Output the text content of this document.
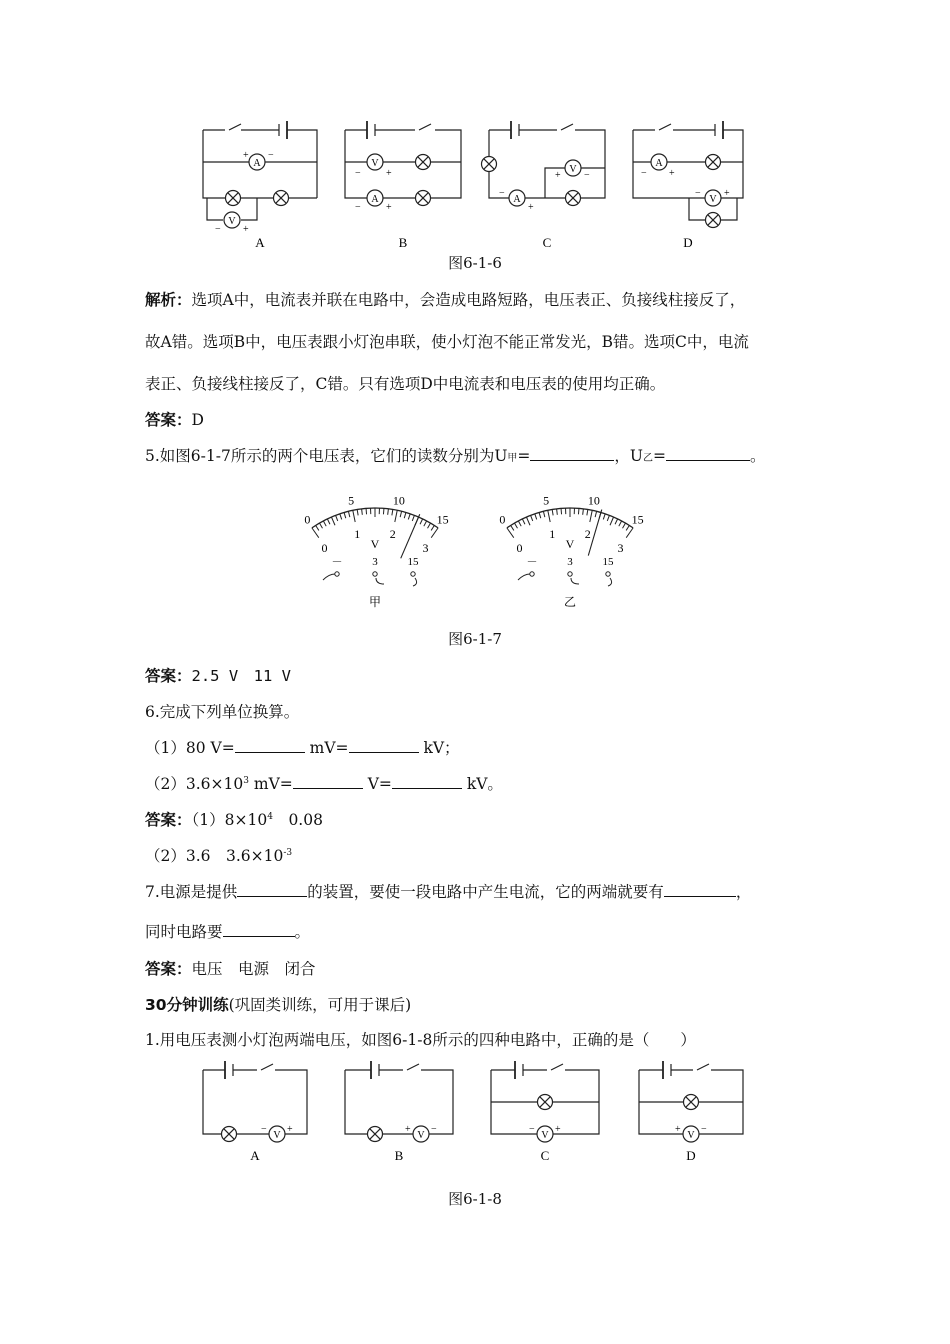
A
+ −
V
− +
V
−	+
A
−	+
V
+ −
A
−
+
A
− +
V
− +
A	B	C	D
图6-1-6
解析：选项A中，电流表并联在电路中，会造成电路短路，电压表正、负接线柱接反了，
故A错。选项B中，电压表跟小灯泡串联，使小灯泡不能正常发光，B错。选项C中，电流
表正、负接线柱接反了，C错。只有选项D中电流表和电压表的使用均正确。
答案：D
5.如图6-1-7所示的两个电压表，它们的读数分别为U甲=	，U乙=	。
0
5	10
15
0
1 2
3
V
－	3	15
甲
0
5	10
15
0
1 2
3
V
－	3	15
乙
图6-1-7
答案：2.5 V　11 V
6.完成下列单位换算。
（1）80 V=	mV=	kV；
$(2)3.6\times 10^3$ mV=	V=	kV。
答案：$(1)8\times 10^4$　0.08
（2）3.6　$3.6\times 10^{-3}$
7.电源是提供	的装置，要使一段电路中产生电流，它的两端就要有	，
同时电路要	。
答案：电压　电源　闭合
30分钟训练(巩固类训练，可用于课后)
1.用电压表测小灯泡两端电压，如图6-1-8所示的四种电路中，正确的是（　　）
V
− +
V
+ −
V
− +
V
+ −
A	B	C	D
图6-1-8
